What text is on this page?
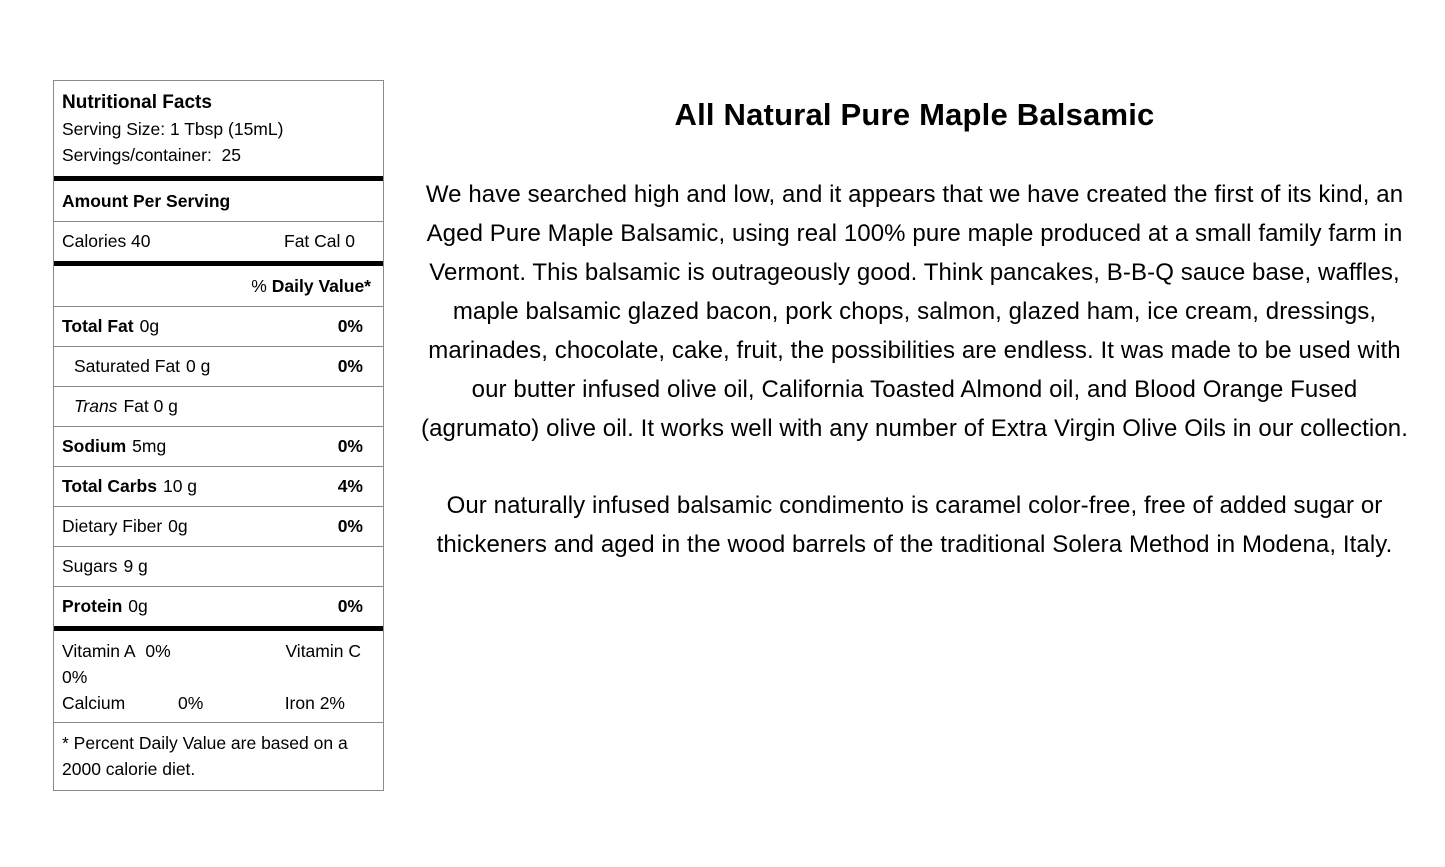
Nutritional Facts
Serving Size: 1 Tbsp (15mL)
Servings/container:  25
Amount Per Serving
Calories 40	Fat Cal 0
% Daily Value*
Total Fat 0g	0%
Saturated Fat 0 g	0%
Trans Fat 0 g
Sodium 5mg	0%
Total Carbs 10 g	4%
Dietary Fiber 0g	0%
Sugars 9 g
Protein 0g	0%
Vitamin A  0%	Vitamin C
0%
Calcium	0%	Iron 2%
* Percent Daily Value are based on a 2000 calorie diet.
All Natural Pure Maple Balsamic

We have searched high and low, and it appears that we have created the first of its kind, an Aged Pure Maple Balsamic, using real 100% pure maple produced at a small family farm in Vermont. This balsamic is outrageously good. Think pancakes, B-B-Q sauce base, waffles, maple balsamic glazed bacon, pork chops, salmon, glazed ham, ice cream, dressings, marinades, chocolate, cake, fruit, the possibilities are endless. It was made to be used with our butter infused olive oil, California Toasted Almond oil, and Blood Orange Fused (agrumato) olive oil. It works well with any number of Extra Virgin Olive Oils in our collection.

Our naturally infused balsamic condimento is caramel color-free, free of added sugar or thickeners and aged in the wood barrels of the traditional Solera Method in Modena, Italy.
